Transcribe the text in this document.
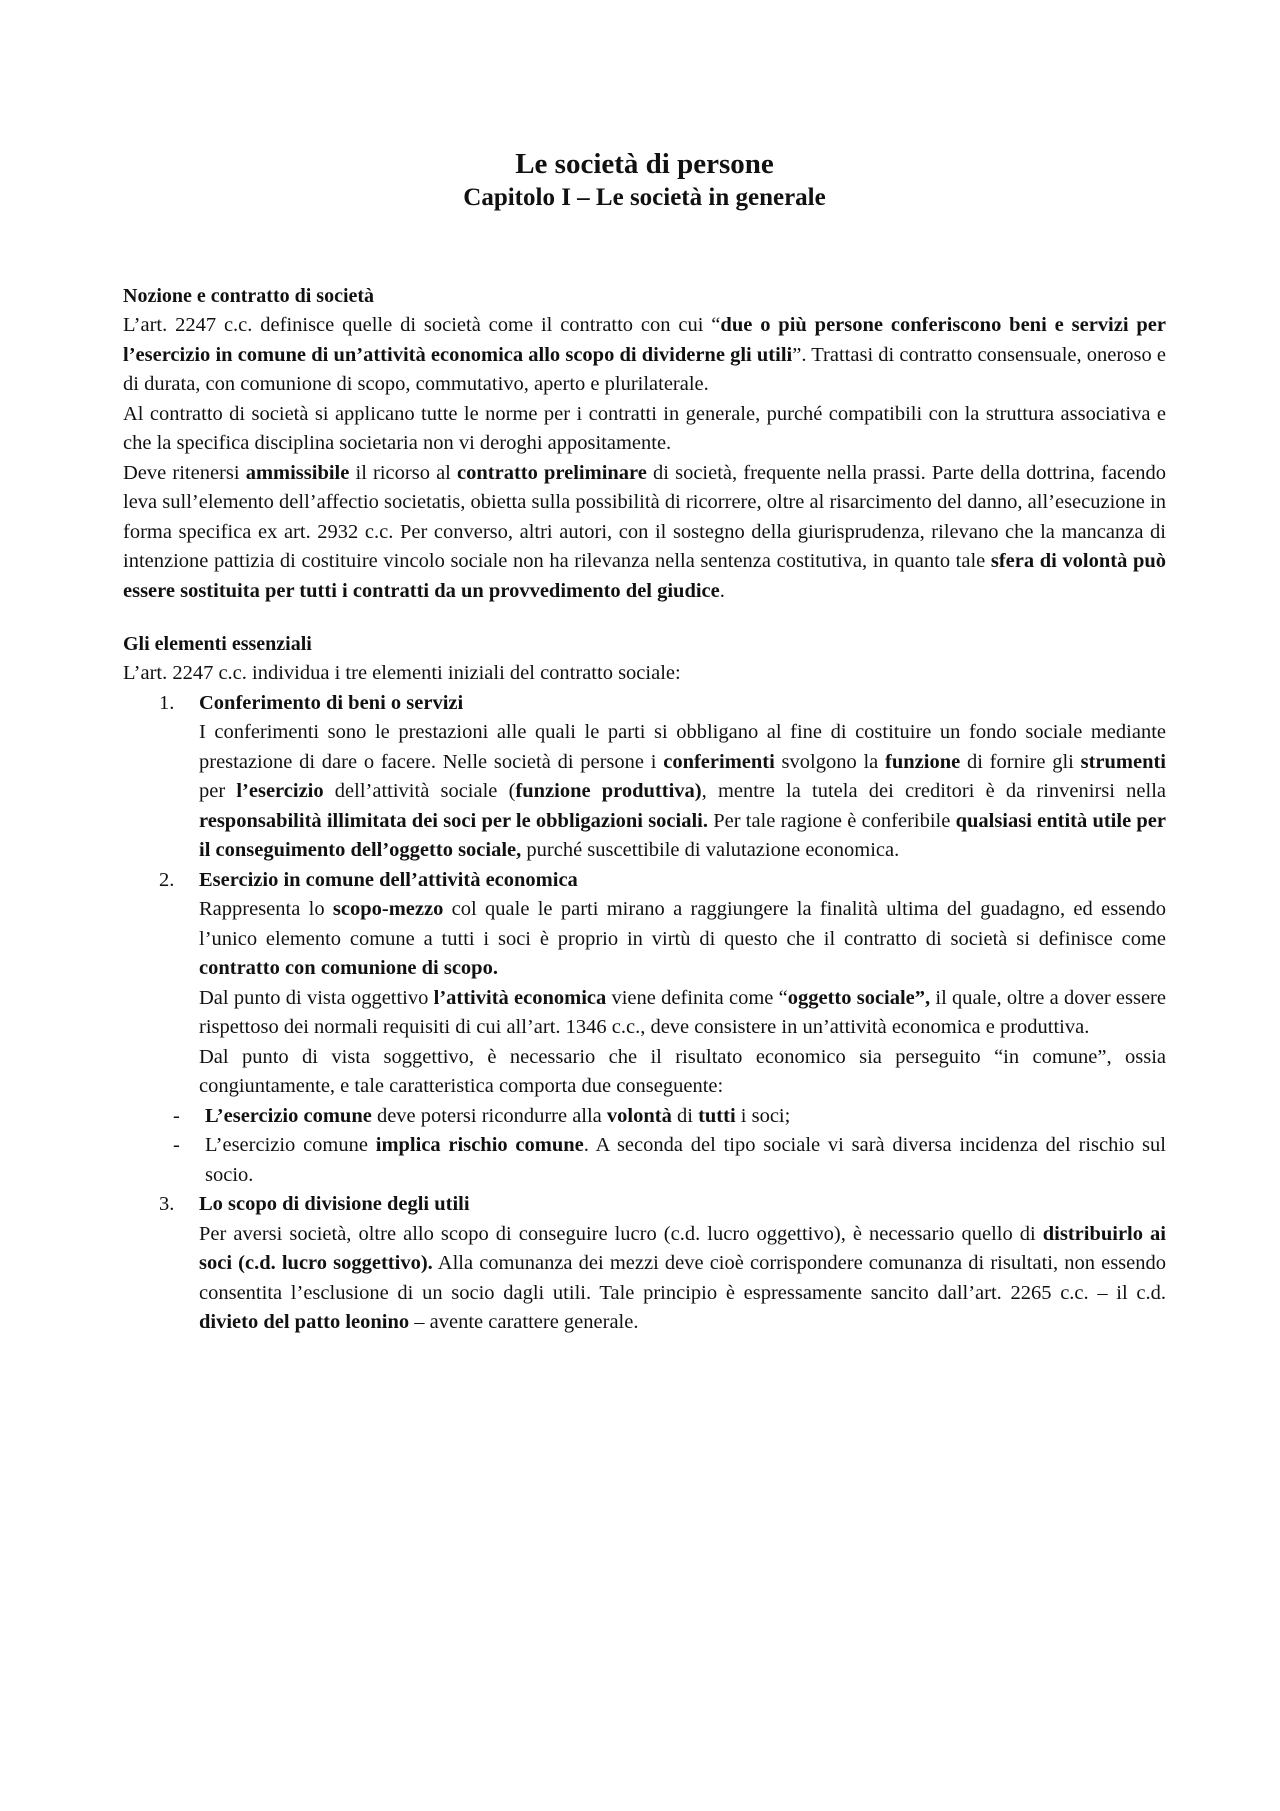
Le società di persone
Capitolo I – Le società in generale
Nozione e contratto di società

L’art. 2247 c.c. definisce quelle di società come il contratto con cui “due o più persone conferiscono beni e servizi per l’esercizio in comune di un’attività economica allo scopo di dividerne gli utili”. Trattasi di contratto consensuale, oneroso e di durata, con comunione di scopo, commutativo, aperto e plurilaterale.

Al contratto di società si applicano tutte le norme per i contratti in generale, purché compatibili con la struttura associativa e che la specifica disciplina societaria non vi deroghi appositamente.

Deve ritenersi ammissibile il ricorso al contratto preliminare di società, frequente nella prassi. Parte della dottrina, facendo leva sull’elemento dell’affectio societatis, obietta sulla possibilità di ricorrere, oltre al risarcimento del danno, all’esecuzione in forma specifica ex art. 2932 c.c. Per converso, altri autori, con il sostegno della giurisprudenza, rilevano che la mancanza di intenzione pattizia di costituire vincolo sociale non ha rilevanza nella sentenza costitutiva, in quanto tale sfera di volontà può essere sostituita per tutti i contratti da un provvedimento del giudice.

Gli elementi essenziali

L’art. 2247 c.c. individua i tre elementi iniziali del contratto sociale:

1. Conferimento di beni o servizi

I conferimenti sono le prestazioni alle quali le parti si obbligano al fine di costituire un fondo sociale mediante prestazione di dare o facere. Nelle società di persone i conferimenti svolgono la funzione di fornire gli strumenti per l’esercizio dell’attività sociale (funzione produttiva), mentre la tutela dei creditori è da rinvenirsi nella responsabilità illimitata dei soci per le obbligazioni sociali. Per tale ragione è conferibile qualsiasi entità utile per il conseguimento dell’oggetto sociale, purché suscettibile di valutazione economica.

2. Esercizio in comune dell’attività economica

Rappresenta lo scopo-mezzo col quale le parti mirano a raggiungere la finalità ultima del guadagno, ed essendo l’unico elemento comune a tutti i soci è proprio in virtù di questo che il contratto di società si definisce come contratto con comunione di scopo.

Dal punto di vista oggettivo l’attività economica viene definita come “oggetto sociale”, il quale, oltre a dover essere rispettoso dei normali requisiti di cui all’art. 1346 c.c., deve consistere in un’attività economica e produttiva.

Dal punto di vista soggettivo, è necessario che il risultato economico sia perseguito “in comune”, ossia congiuntamente, e tale caratteristica comporta due conseguente:

- L’esercizio comune deve potersi ricondurre alla volontà di tutti i soci;

- L’esercizio comune implica rischio comune. A seconda del tipo sociale vi sarà diversa incidenza del rischio sul socio.

3. Lo scopo di divisione degli utili

Per aversi società, oltre allo scopo di conseguire lucro (c.d. lucro oggettivo), è necessario quello di distribuirlo ai soci (c.d. lucro soggettivo). Alla comunanza dei mezzi deve cioè corrispondere comunanza di risultati, non essendo consentita l’esclusione di un socio dagli utili. Tale principio è espressamente sancito dall’art. 2265 c.c. – il c.d. divieto del patto leonino – avente carattere generale.
